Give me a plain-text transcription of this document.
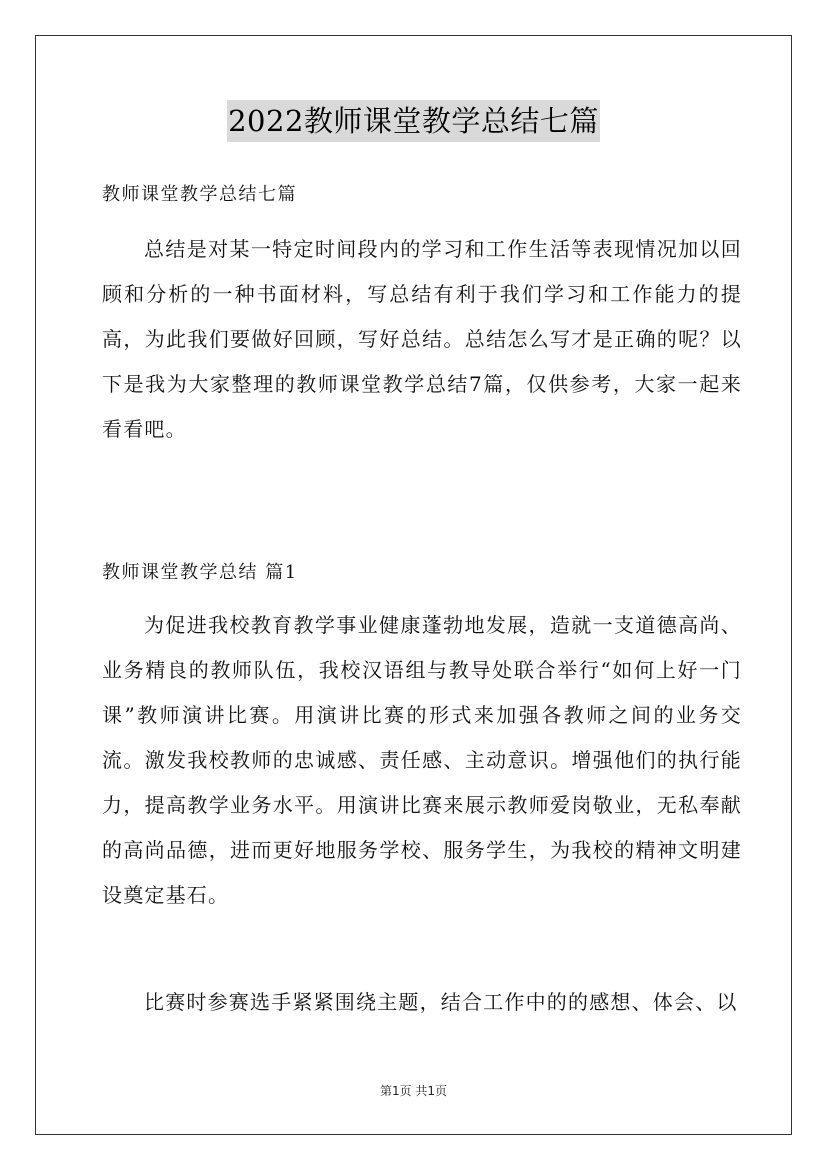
2022教师课堂教学总结七篇

教师课堂教学总结七篇

总结是对某一特定时间段内的学习和工作生活等表现情况加以回顾和分析的一种书面材料，写总结有利于我们学习和工作能力的提高，为此我们要做好回顾，写好总结。总结怎么写才是正确的呢？以下是我为大家整理的教师课堂教学总结7篇，仅供参考，大家一起来看看吧。

教师课堂教学总结 篇1

为促进我校教育教学事业健康蓬勃地发展，造就一支道德高尚、业务精良的教师队伍，我校汉语组与教导处联合举行“如何上好一门课”教师演讲比赛。用演讲比赛的形式来加强各教师之间的业务交流。激发我校教师的忠诚感、责任感、主动意识。增强他们的执行能力，提高教学业务水平。用演讲比赛来展示教师爱岗敬业，无私奉献的高尚品德，进而更好地服务学校、服务学生，为我校的精神文明建设奠定基石。

比赛时参赛选手紧紧围绕主题，结合工作中的的感想、体会、以

第1页 共1页
